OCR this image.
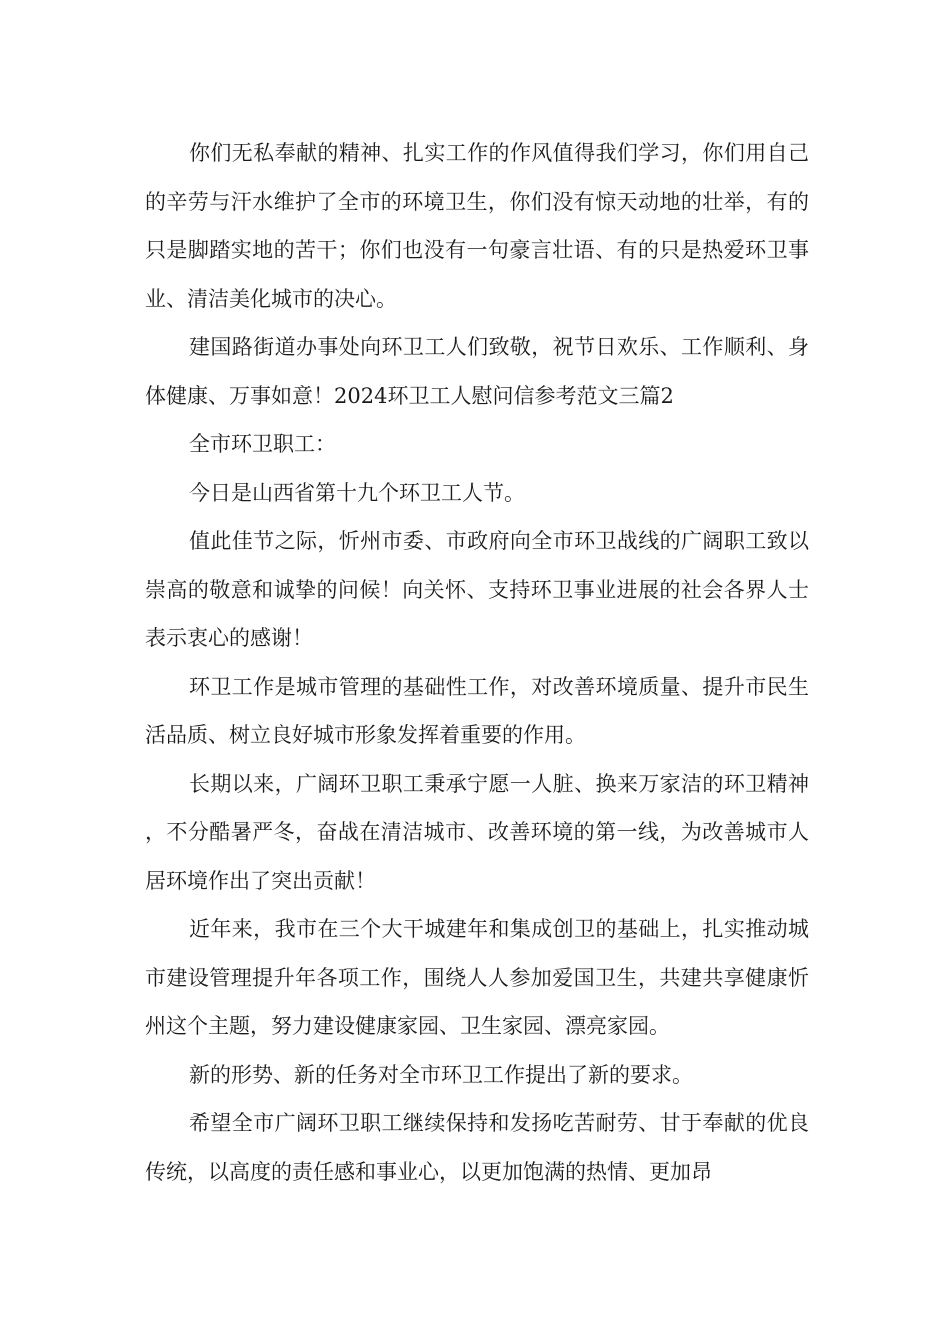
你们无私奉献的精神、扎实工作的作风值得我们学习，你们用自己的辛劳与汗水维护了全市的环境卫生，你们没有惊天动地的壮举，有的只是脚踏实地的苦干；你们也没有一句豪言壮语、有的只是热爱环卫事业、清洁美化城市的决心。

建国路街道办事处向环卫工人们致敬，祝节日欢乐、工作顺利、身体健康、万事如意！2024环卫工人慰问信参考范文三篇2

全市环卫职工：

今日是山西省第十九个环卫工人节。

值此佳节之际，忻州市委、市政府向全市环卫战线的广阔职工致以崇高的敬意和诚挚的问候！向关怀、支持环卫事业进展的社会各界人士表示衷心的感谢！

环卫工作是城市管理的基础性工作，对改善环境质量、提升市民生活品质、树立良好城市形象发挥着重要的作用。

长期以来，广阔环卫职工秉承宁愿一人脏、换来万家洁的环卫精神，不分酷暑严冬，奋战在清洁城市、改善环境的第一线，为改善城市人居环境作出了突出贡献！

近年来，我市在三个大干城建年和集成创卫的基础上，扎实推动城市建设管理提升年各项工作，围绕人人参加爱国卫生，共建共享健康忻州这个主题，努力建设健康家园、卫生家园、漂亮家园。

新的形势、新的任务对全市环卫工作提出了新的要求。

希望全市广阔环卫职工继续保持和发扬吃苦耐劳、甘于奉献的优良传统，以高度的责任感和事业心，以更加饱满的热情、更加昂
